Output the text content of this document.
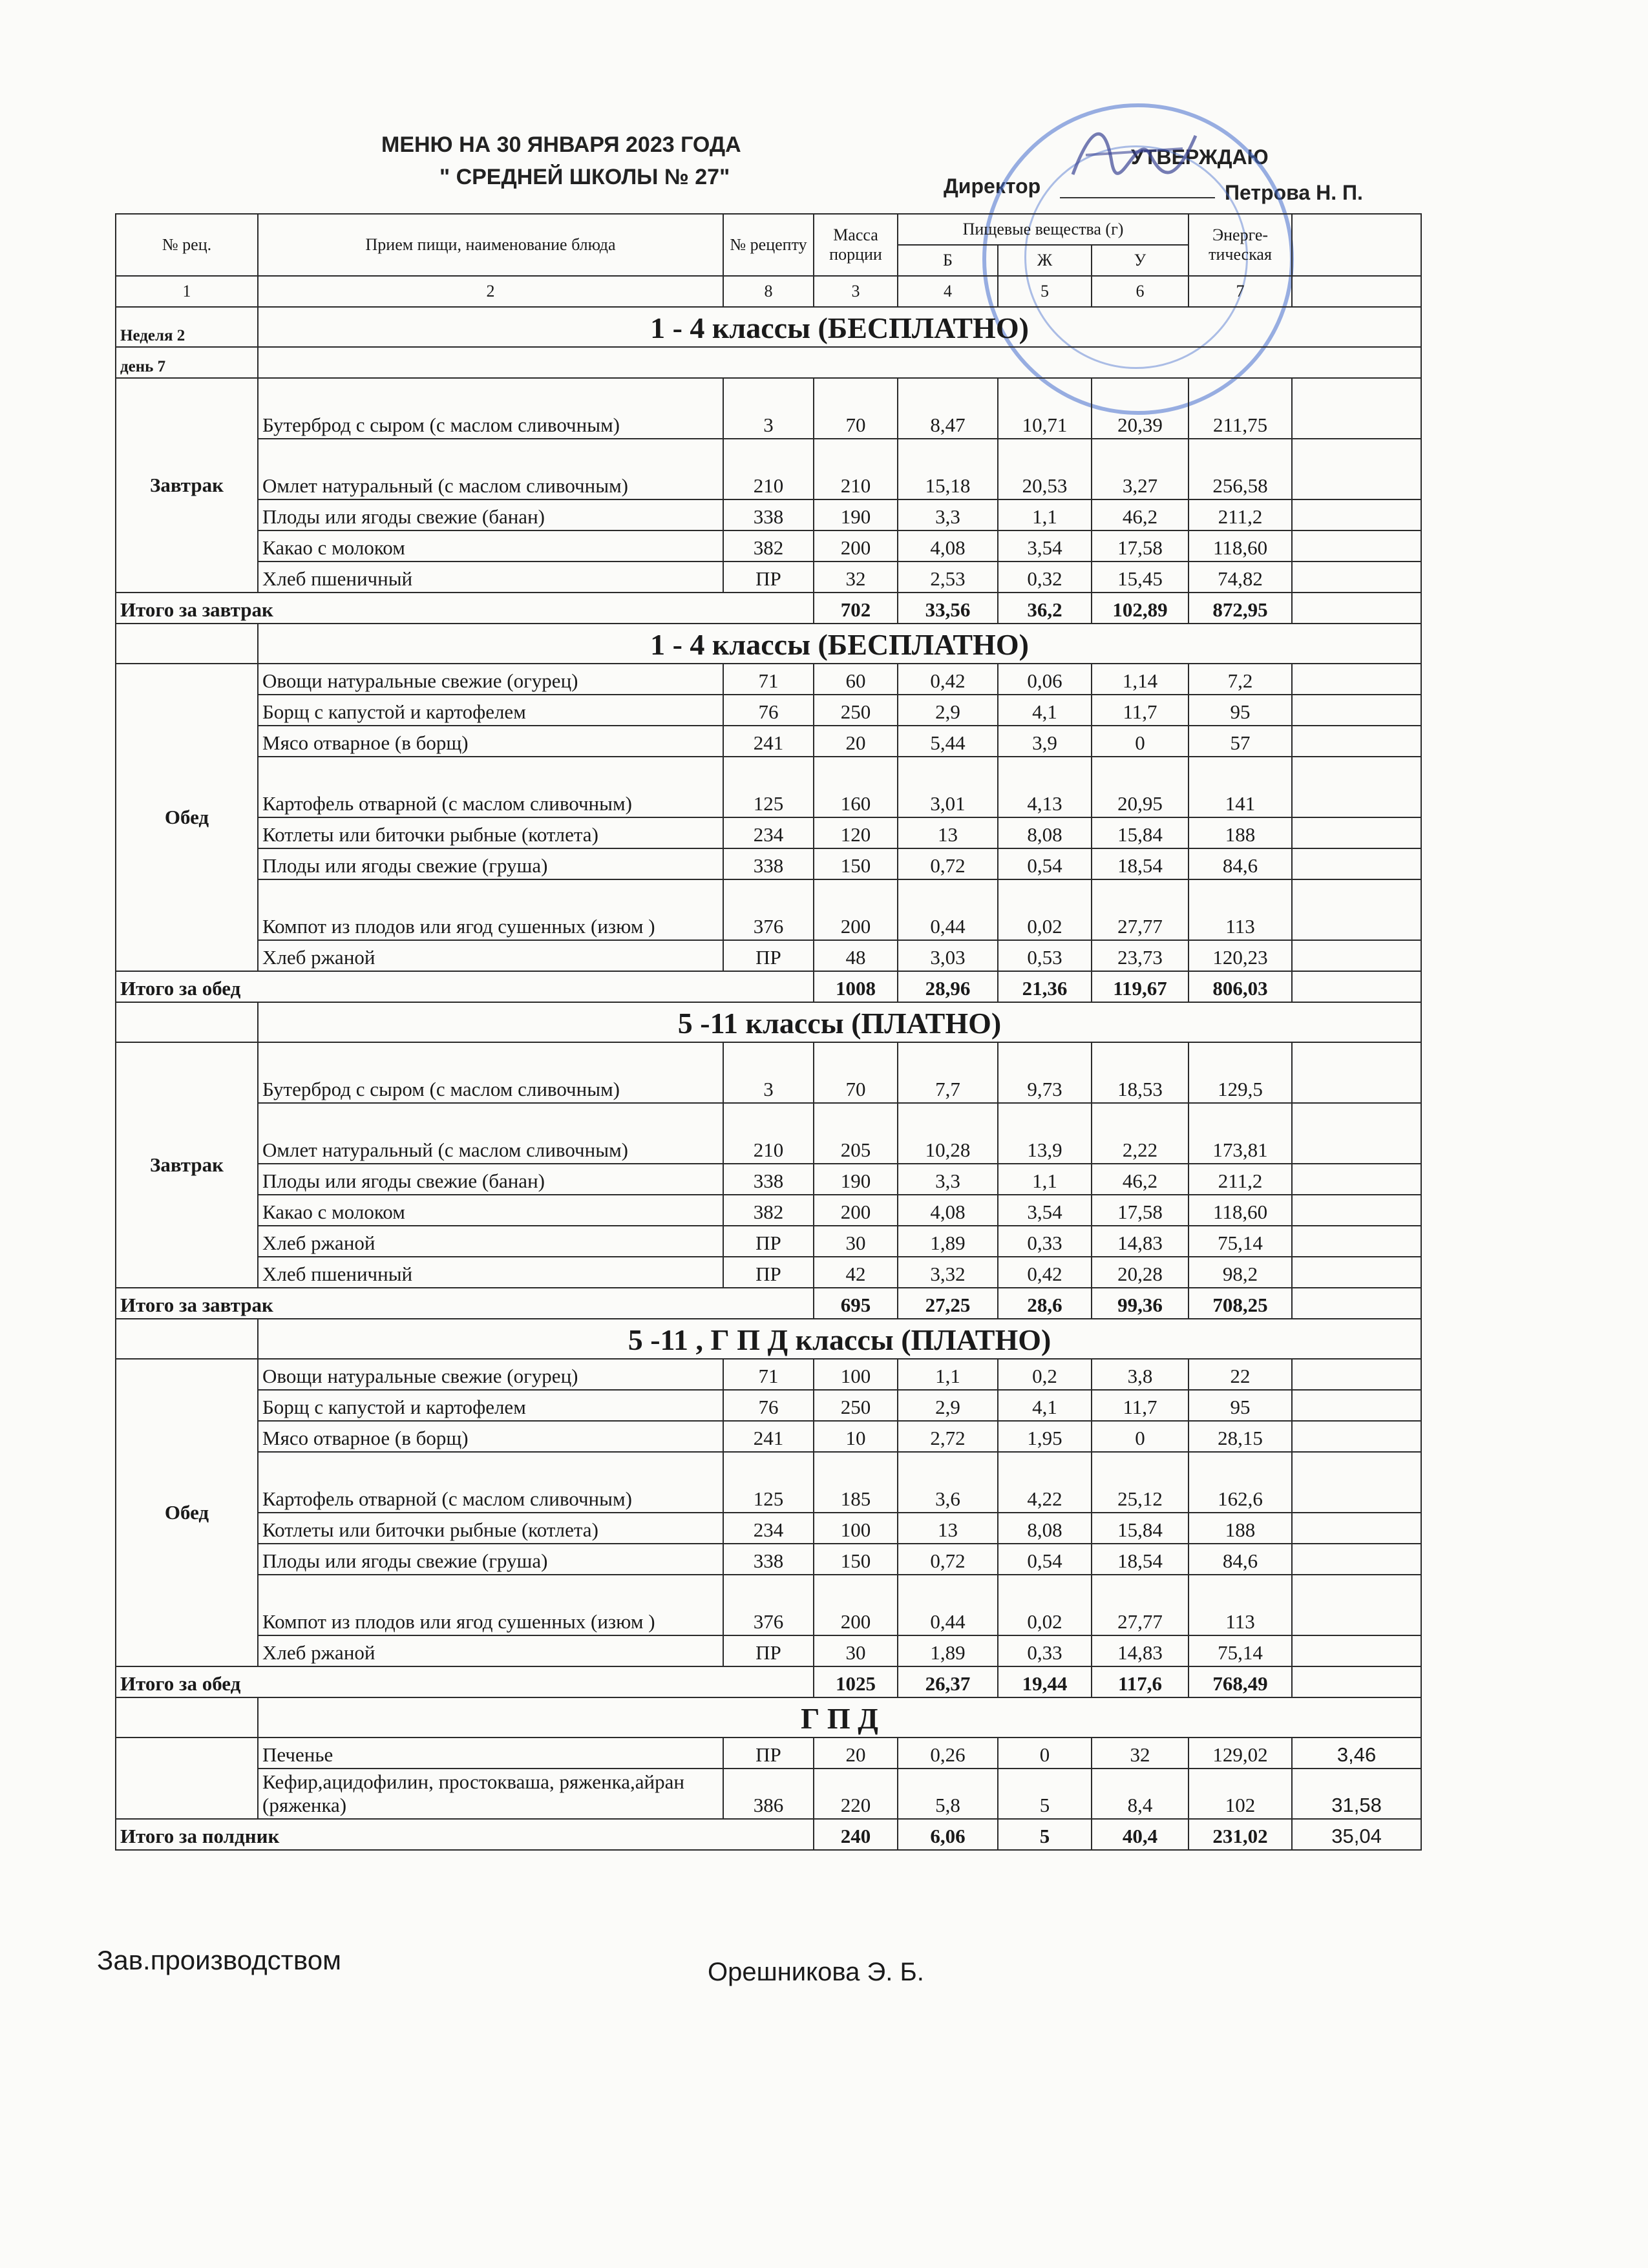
МЕНЮ НА 30 ЯНВАРЯ 2023 ГОДА
" СРЕДНЕЙ ШКОЛЫ № 27"
УТВЕРЖДАЮ
Директор	Петрова Н. П.
№ рец.	Прием пищи, наименование блюда	№ рецепту	Масса порции	Пищевые вещества (г)			Энерге- тическая	
				Б	Ж	У		
1	2	8	3	4	5	6	7	
Неделя 2	1 - 4 классы (БЕСПЛАТНО)							
день 7								
Завтрак	Бутерброд с сыром (с маслом сливочным)	3	70	8,47	10,71	20,39	211,75	
	Омлет натуральный (с маслом сливочным)	210	210	15,18	20,53	3,27	256,58	
	Плоды или ягоды свежие (банан)	338	190	3,3	1,1	46,2	211,2	
	Какао с молоком	382	200	4,08	3,54	17,58	118,60	
	Хлеб пшеничный	ПР	32	2,53	0,32	15,45	74,82	
Итого за завтрак			702	33,56	36,2	102,89	872,95	
	1 - 4 классы (БЕСПЛАТНО)							
Обед	Овощи натуральные свежие (огурец)	71	60	0,42	0,06	1,14	7,2	
	Борщ с капустой и картофелем	76	250	2,9	4,1	11,7	95	
	Мясо отварное (в борщ)	241	20	5,44	3,9	0	57	
	Картофель отварной (с маслом сливочным)	125	160	3,01	4,13	20,95	141	
	Котлеты или биточки рыбные (котлета)	234	120	13	8,08	15,84	188	
	Плоды или ягоды свежие (груша)	338	150	0,72	0,54	18,54	84,6	
	Компот из плодов или ягод сушенных (изюм )	376	200	0,44	0,02	27,77	113	
	Хлеб ржаной	ПР	48	3,03	0,53	23,73	120,23	
Итого за обед			1008	28,96	21,36	119,67	806,03	
	5 -11 классы (ПЛАТНО)							
Завтрак	Бутерброд с сыром (с маслом сливочным)	3	70	7,7	9,73	18,53	129,5	
	Омлет натуральный (с маслом сливочным)	210	205	10,28	13,9	2,22	173,81	
	Плоды или ягоды свежие (банан)	338	190	3,3	1,1	46,2	211,2	
	Какао с молоком	382	200	4,08	3,54	17,58	118,60	
	Хлеб ржаной	ПР	30	1,89	0,33	14,83	75,14	
	Хлеб пшеничный	ПР	42	3,32	0,42	20,28	98,2	
Итого за завтрак			695	27,25	28,6	99,36	708,25	
	5 -11 , Г П Д классы (ПЛАТНО)							
Обед	Овощи натуральные свежие (огурец)	71	100	1,1	0,2	3,8	22	
	Борщ с капустой и картофелем	76	250	2,9	4,1	11,7	95	
	Мясо отварное (в борщ)	241	10	2,72	1,95	0	28,15	
	Картофель отварной (с маслом сливочным)	125	185	3,6	4,22	25,12	162,6	
	Котлеты или биточки рыбные (котлета)	234	100	13	8,08	15,84	188	
	Плоды или ягоды свежие (груша)	338	150	0,72	0,54	18,54	84,6	
	Компот из плодов или ягод сушенных (изюм )	376	200	0,44	0,02	27,77	113	
	Хлеб ржаной	ПР	30	1,89	0,33	14,83	75,14	
Итого за обед			1025	26,37	19,44	117,6	768,49	
	Г П Д							
	Печенье	ПР	20	0,26	0	32	129,02	3,46
	Кефир,ацидофилин, простокваша, ряженка,айран (ряженка)	386	220	5,8	5	8,4	102	31,58
Итого за полдник			240	6,06	5	40,4	231,02	35,04
Зав.производством	Орешникова Э. Б.
